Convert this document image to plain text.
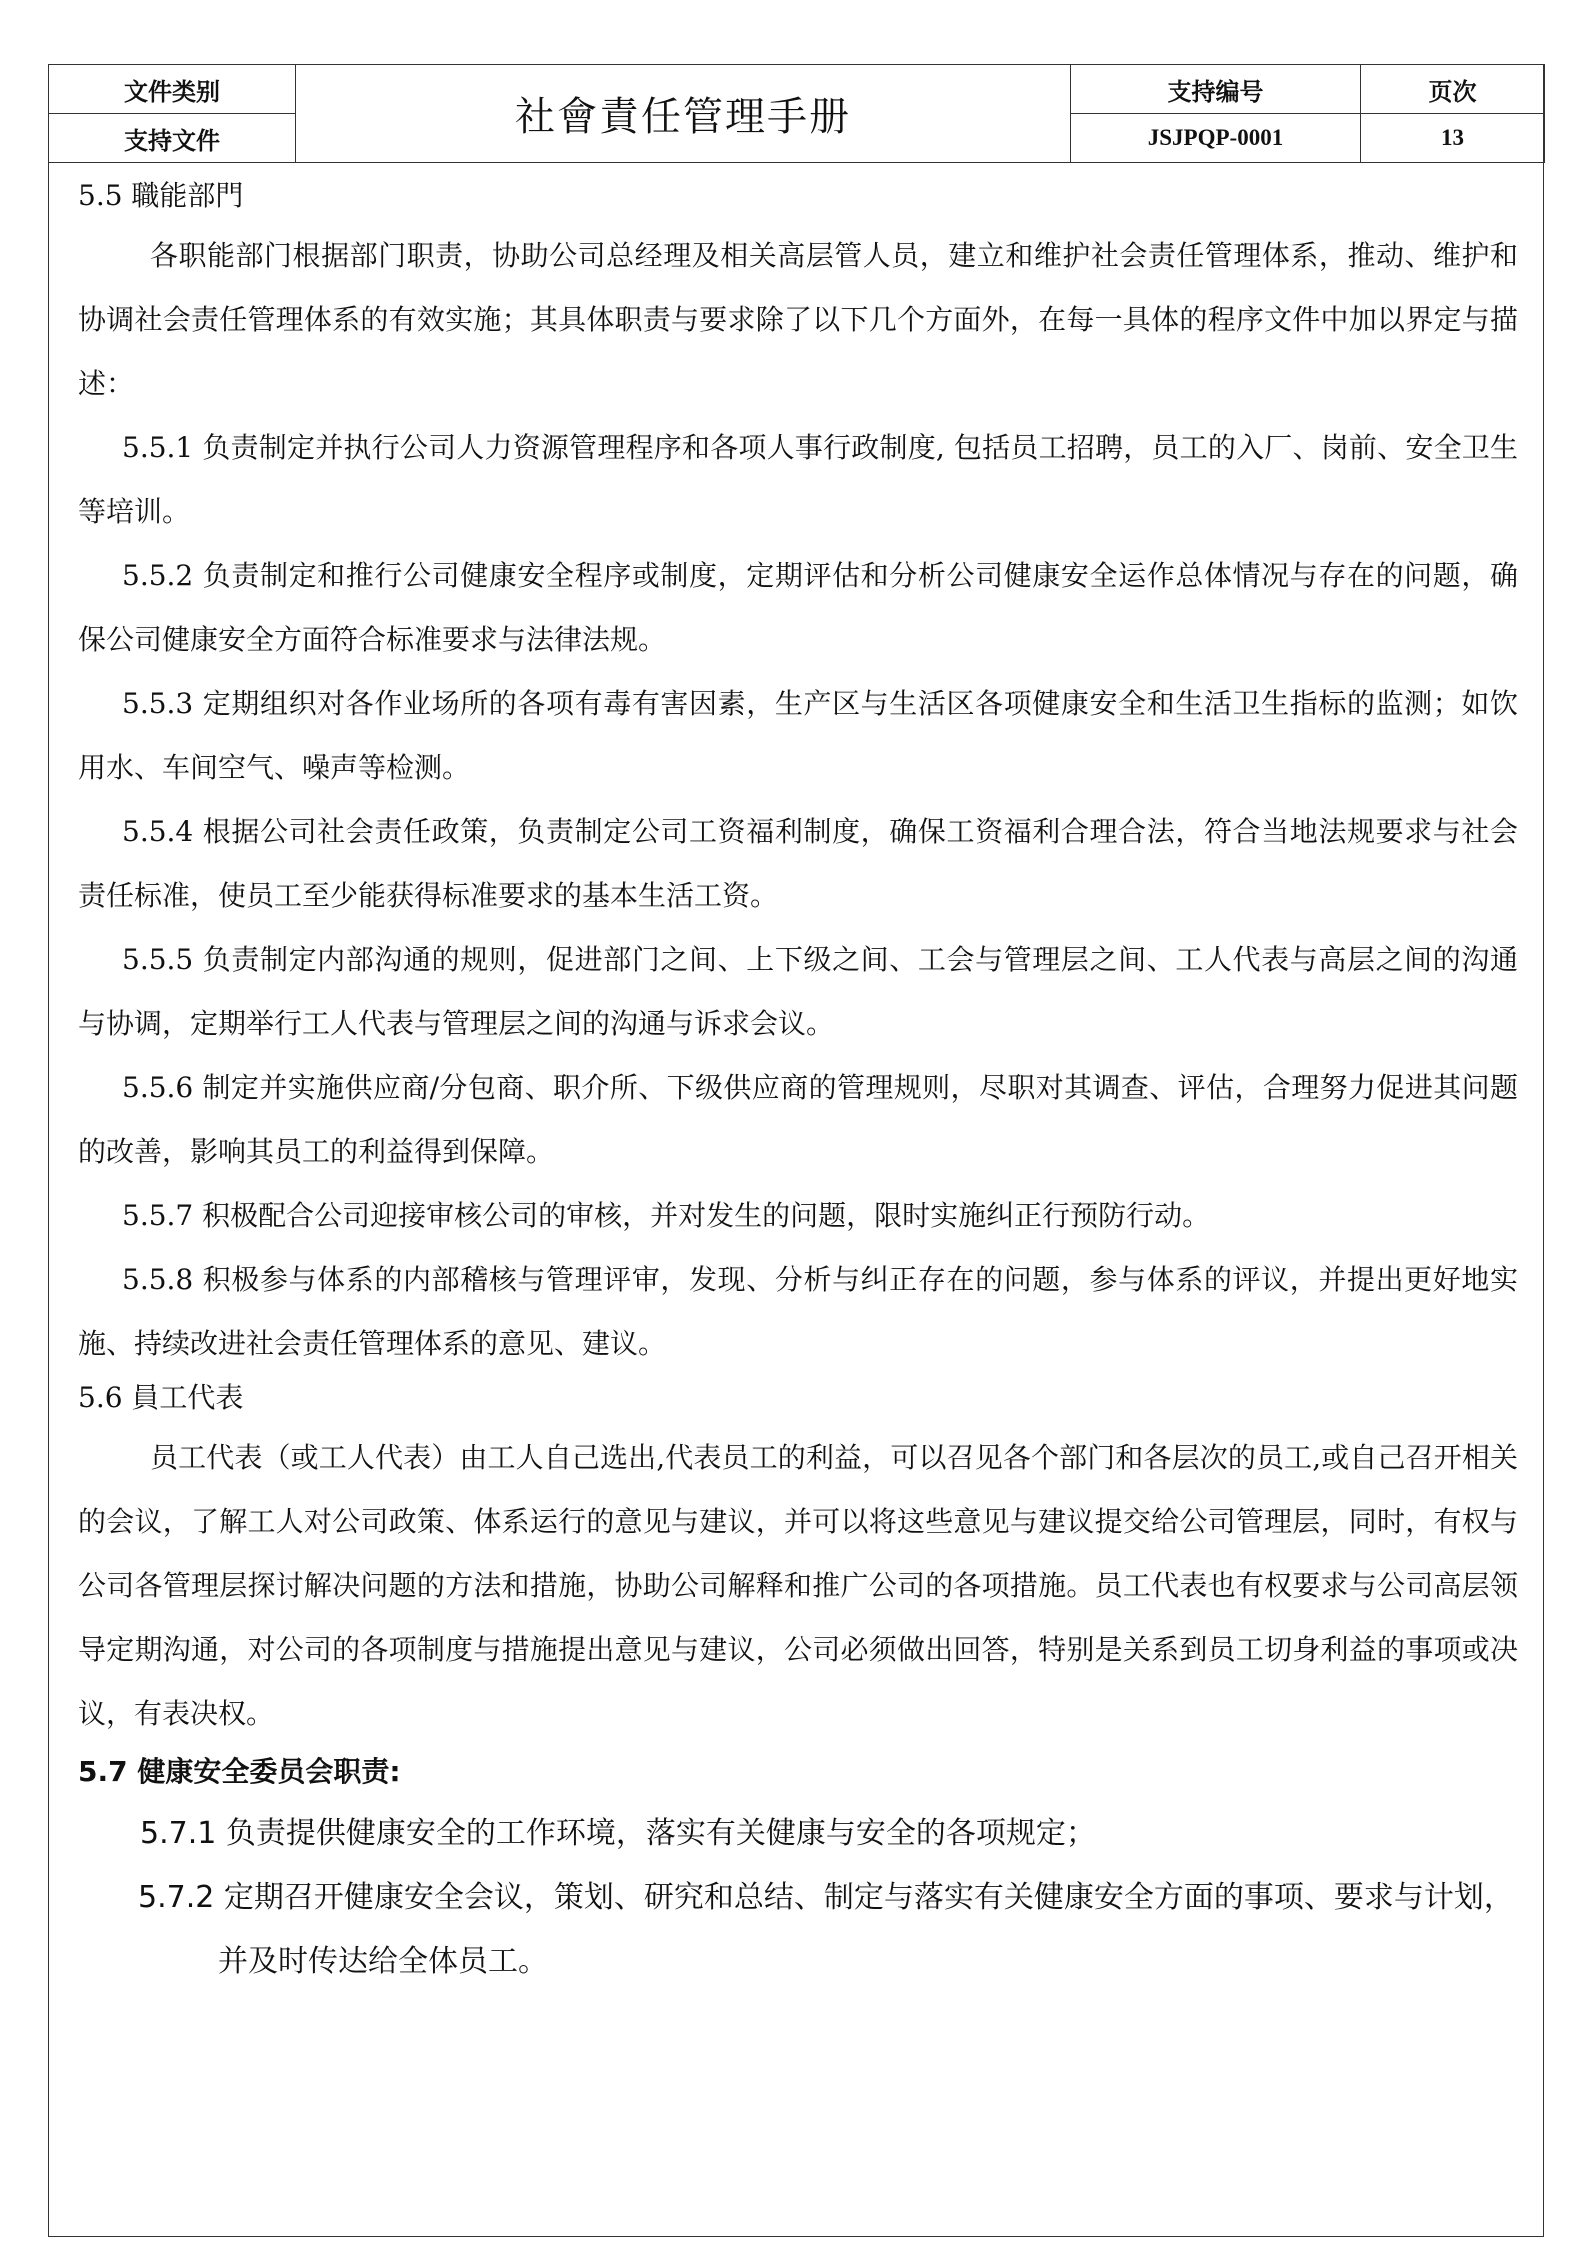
文件类别	社會責任管理手册	支持编号	页次
支持文件		JSJPQP-0001	13

5.5 職能部門

各职能部门根据部门职责，协助公司总经理及相关高层管人员，建立和维护社会责任管理体系，推动、维护和协调社会责任管理体系的有效实施；其具体职责与要求除了以下几个方面外，在每一具体的程序文件中加以界定与描述：

5.5.1 负责制定并执行公司人力资源管理程序和各项人事行政制度, 包括员工招聘，员工的入厂、岗前、安全卫生等培训。

5.5.2 负责制定和推行公司健康安全程序或制度，定期评估和分析公司健康安全运作总体情况与存在的问题，确保公司健康安全方面符合标准要求与法律法规。

5.5.3 定期组织对各作业场所的各项有毒有害因素，生产区与生活区各项健康安全和生活卫生指标的监测；如饮用水、车间空气、噪声等检测。

5.5.4 根据公司社会责任政策，负责制定公司工资福利制度，确保工资福利合理合法，符合当地法规要求与社会责任标准，使员工至少能获得标准要求的基本生活工资。

5.5.5 负责制定内部沟通的规则，促进部门之间、上下级之间、工会与管理层之间、工人代表与高层之间的沟通与协调，定期举行工人代表与管理层之间的沟通与诉求会议。

5.5.6 制定并实施供应商/分包商、职介所、下级供应商的管理规则，尽职对其调查、评估，合理努力促进其问题的改善，影响其员工的利益得到保障。

5.5.7 积极配合公司迎接审核公司的审核，并对发生的问题，限时实施纠正行预防行动。

5.5.8 积极参与体系的内部稽核与管理评审，发现、分析与纠正存在的问题，参与体系的评议，并提出更好地实施、持续改进社会责任管理体系的意见、建议。

5.6 員工代表

员工代表（或工人代表）由工人自己选出,代表员工的利益，可以召见各个部门和各层次的员工,或自己召开相关的会议，了解工人对公司政策、体系运行的意见与建议，并可以将这些意见与建议提交给公司管理层，同时，有权与公司各管理层探讨解决问题的方法和措施，协助公司解释和推广公司的各项措施。员工代表也有权要求与公司高层领导定期沟通，对公司的各项制度与措施提出意见与建议，公司必须做出回答，特别是关系到员工切身利益的事项或决议，有表决权。

5.7 健康安全委员会职责:

5.7.1 负责提供健康安全的工作环境，落实有关健康与安全的各项规定；

5.7.2 定期召开健康安全会议，策划、研究和总结、制定与落实有关健康安全方面的事项、要求与计划，并及时传达给全体员工。
